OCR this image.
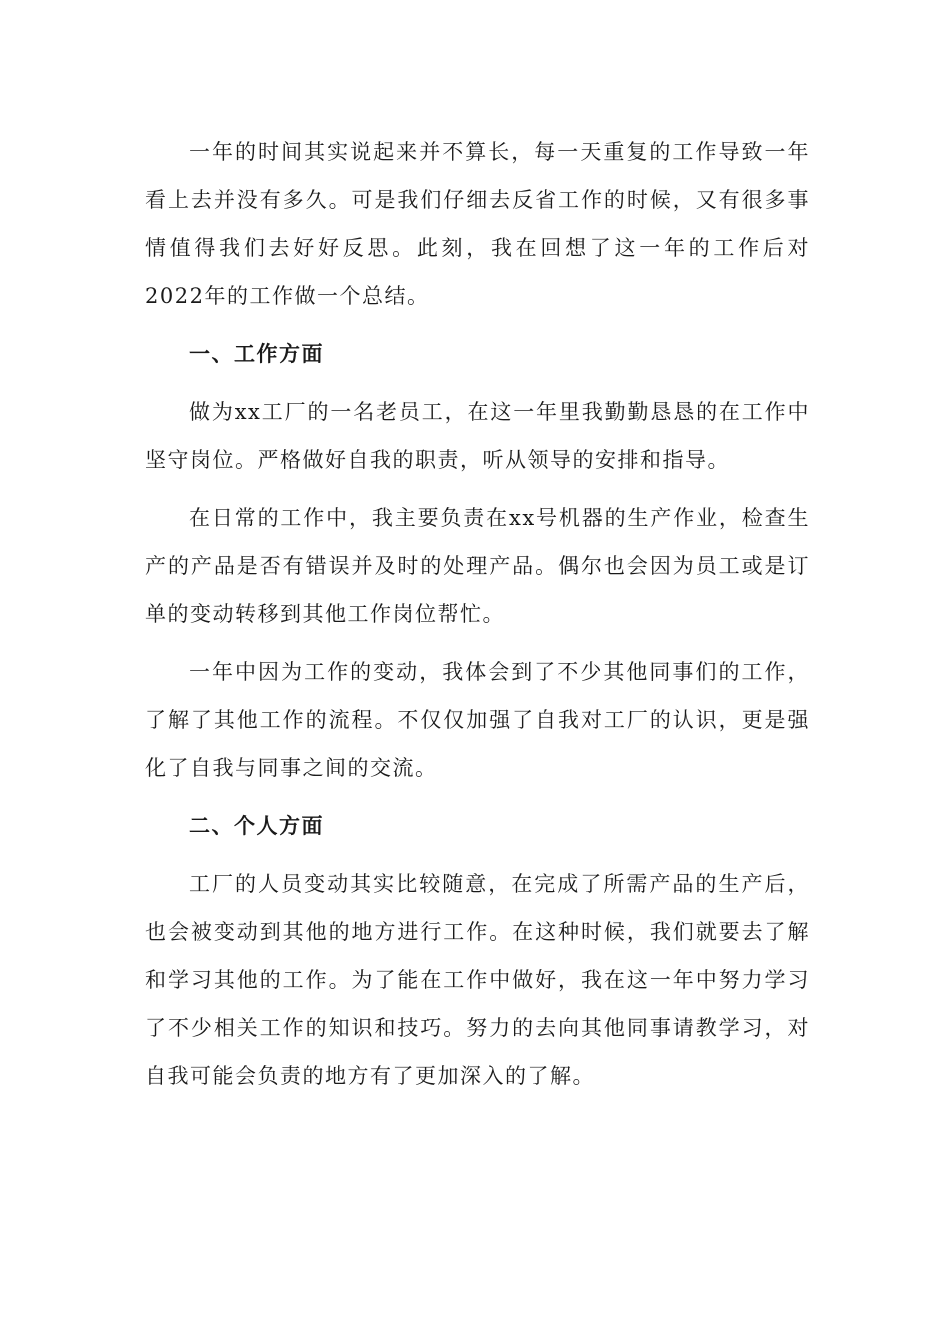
一年的时间其实说起来并不算长，每一天重复的工作导致一年看上去并没有多久。可是我们仔细去反省工作的时候，又有很多事情值得我们去好好反思。此刻，我在回想了这一年的工作后对2022年的工作做一个总结。

一、工作方面

做为xx工厂的一名老员工，在这一年里我勤勤恳恳的在工作中坚守岗位。严格做好自我的职责，听从领导的安排和指导。

在日常的工作中，我主要负责在xx号机器的生产作业，检查生产的产品是否有错误并及时的处理产品。偶尔也会因为员工或是订单的变动转移到其他工作岗位帮忙。

一年中因为工作的变动，我体会到了不少其他同事们的工作，了解了其他工作的流程。不仅仅加强了自我对工厂的认识，更是强化了自我与同事之间的交流。

二、个人方面

工厂的人员变动其实比较随意，在完成了所需产品的生产后，也会被变动到其他的地方进行工作。在这种时候，我们就要去了解和学习其他的工作。为了能在工作中做好，我在这一年中努力学习了不少相关工作的知识和技巧。努力的去向其他同事请教学习，对自我可能会负责的地方有了更加深入的了解。
